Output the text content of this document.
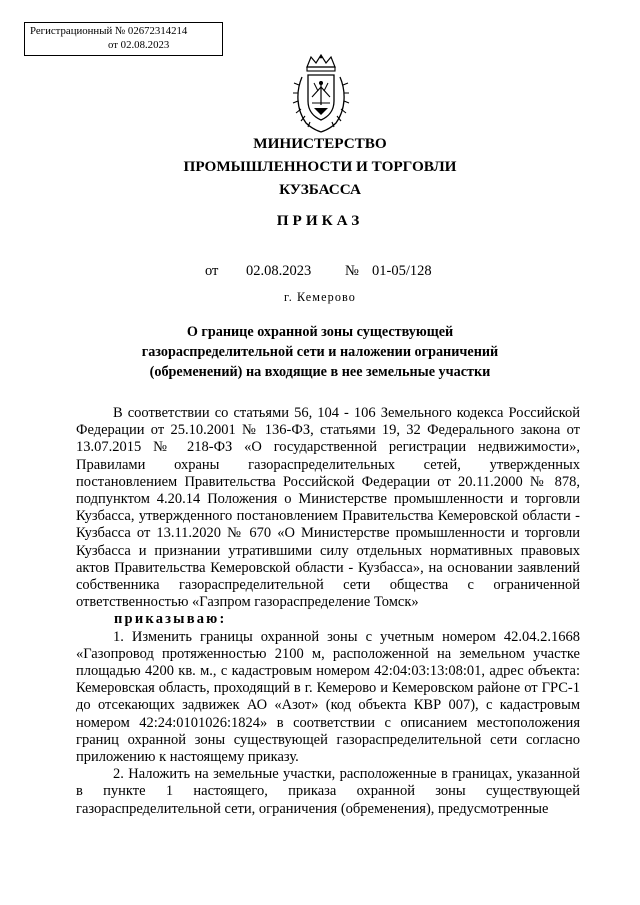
Регистрационный № 02672314214
от 02.08.2023
МИНИСТЕРСТВО
ПРОМЫШЛЕННОСТИ И ТОРГОВЛИ
КУЗБАССА
ПРИКАЗ
от 02.08.2023 № 01-05/128
г. Кемерово
О границе охранной зоны существующей газораспределительной сети и наложении ограничений (обременений) на входящие в нее земельные участки

В соответствии со статьями 56, 104 - 106 Земельного кодекса Российской Федерации от 25.10.2001 № 136-ФЗ, статьями 19, 32 Федерального закона от 13.07.2015 № 218-ФЗ «О государственной регистрации недвижимости», Правилами охраны газораспределительных сетей, утвержденных постановлением Правительства Российской Федерации от 20.11.2000 № 878, подпунктом 4.20.14 Положения о Министерстве промышленности и торговли Кузбасса, утвержденного постановлением Правительства Кемеровской области - Кузбасса от 13.11.2020 № 670 «О Министерстве промышленности и торговли Кузбасса и признании утратившими силу отдельных нормативных правовых актов Правительства Кемеровской области - Кузбасса», на основании заявлений собственника газораспределительной сети общества с ограниченной ответственностью «Газпром газораспределение Томск»

приказываю:

1. Изменить границы охранной зоны с учетным номером 42.04.2.1668 «Газопровод протяженностью 2100 м, расположенной на земельном участке площадью 4200 кв. м., с кадастровым номером 42:04:03:13:08:01, адрес объекта: Кемеровская область, проходящий в г. Кемерово и Кемеровском районе от ГРС-1 до отсекающих задвижек АО «Азот» (код объекта КВР 007), с кадастровым номером 42:24:0101026:1824» в соответствии с описанием местоположения границ охранной зоны существующей газораспределительной сети согласно приложению к настоящему приказу.

2. Наложить на земельные участки, расположенные в границах, указанной в пункте 1 настоящего, приказа охранной зоны существующей газораспределительной сети, ограничения (обременения), предусмотренные
